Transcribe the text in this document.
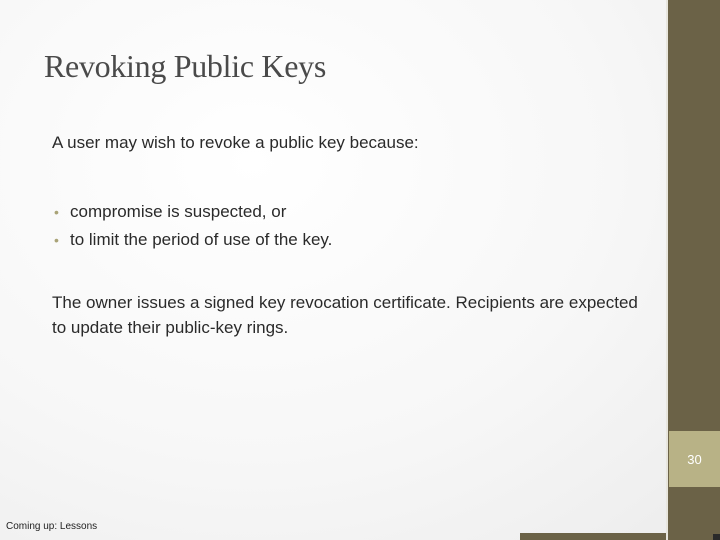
30
Revoking Public Keys
A user may wish to revoke a public key because:
• compromise is suspected, or
• to limit the period of use of the key.
The owner issues a signed key revocation certificate. Recipients are expected to update their public-key rings.
Coming up: Lessons
